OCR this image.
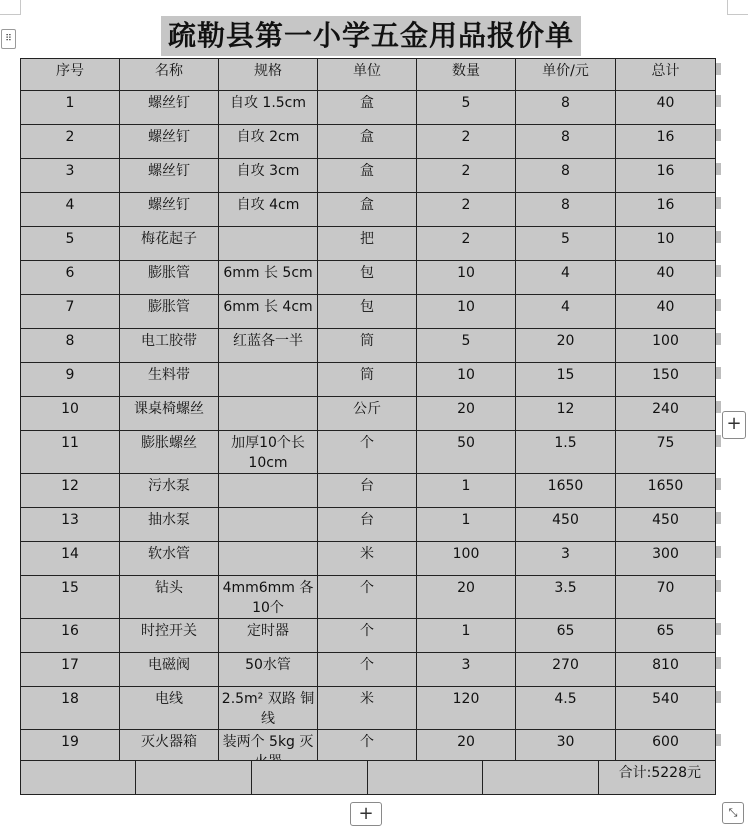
⠿	疏勒县第一小学五金用品报价单
序号	名称	规格	单位	数量	单价/元	总计
1	螺丝钉	自攻 1.5cm	盒	5	8	40
2	螺丝钉	自攻 2cm	盒	2	8	16
3	螺丝钉	自攻 3cm	盒	2	8	16
4	螺丝钉	自攻 4cm	盒	2	8	16
5	梅花起子		把	2	5	10
6	膨胀管	6mm 长 5cm	包	10	4	40
7	膨胀管	6mm 长 4cm	包	10	4	40
8	电工胶带	红蓝各一半	筒	5	20	100
9	生料带		筒	10	15	150
10	课桌椅螺丝		公斤	20	12	240
11	膨胀螺丝	加厚10个长 10cm	个	50	1.5	75
12	污水泵		台	1	1650	1650
13	抽水泵		台	1	450	450
14	软水管		米	100	3	300
15	钻头	4mm6mm 各 10个	个	20	3.5	70
16	时控开关	定时器	个	1	65	65
17	电磁阀	50水管	个	3	270	810
18	电线	2.5m² 双路 铜线	米	120	4.5	540
19	灭火器箱	装两个 5kg 灭	个	20	30	600
					合计:5228元
+
+	⤡
